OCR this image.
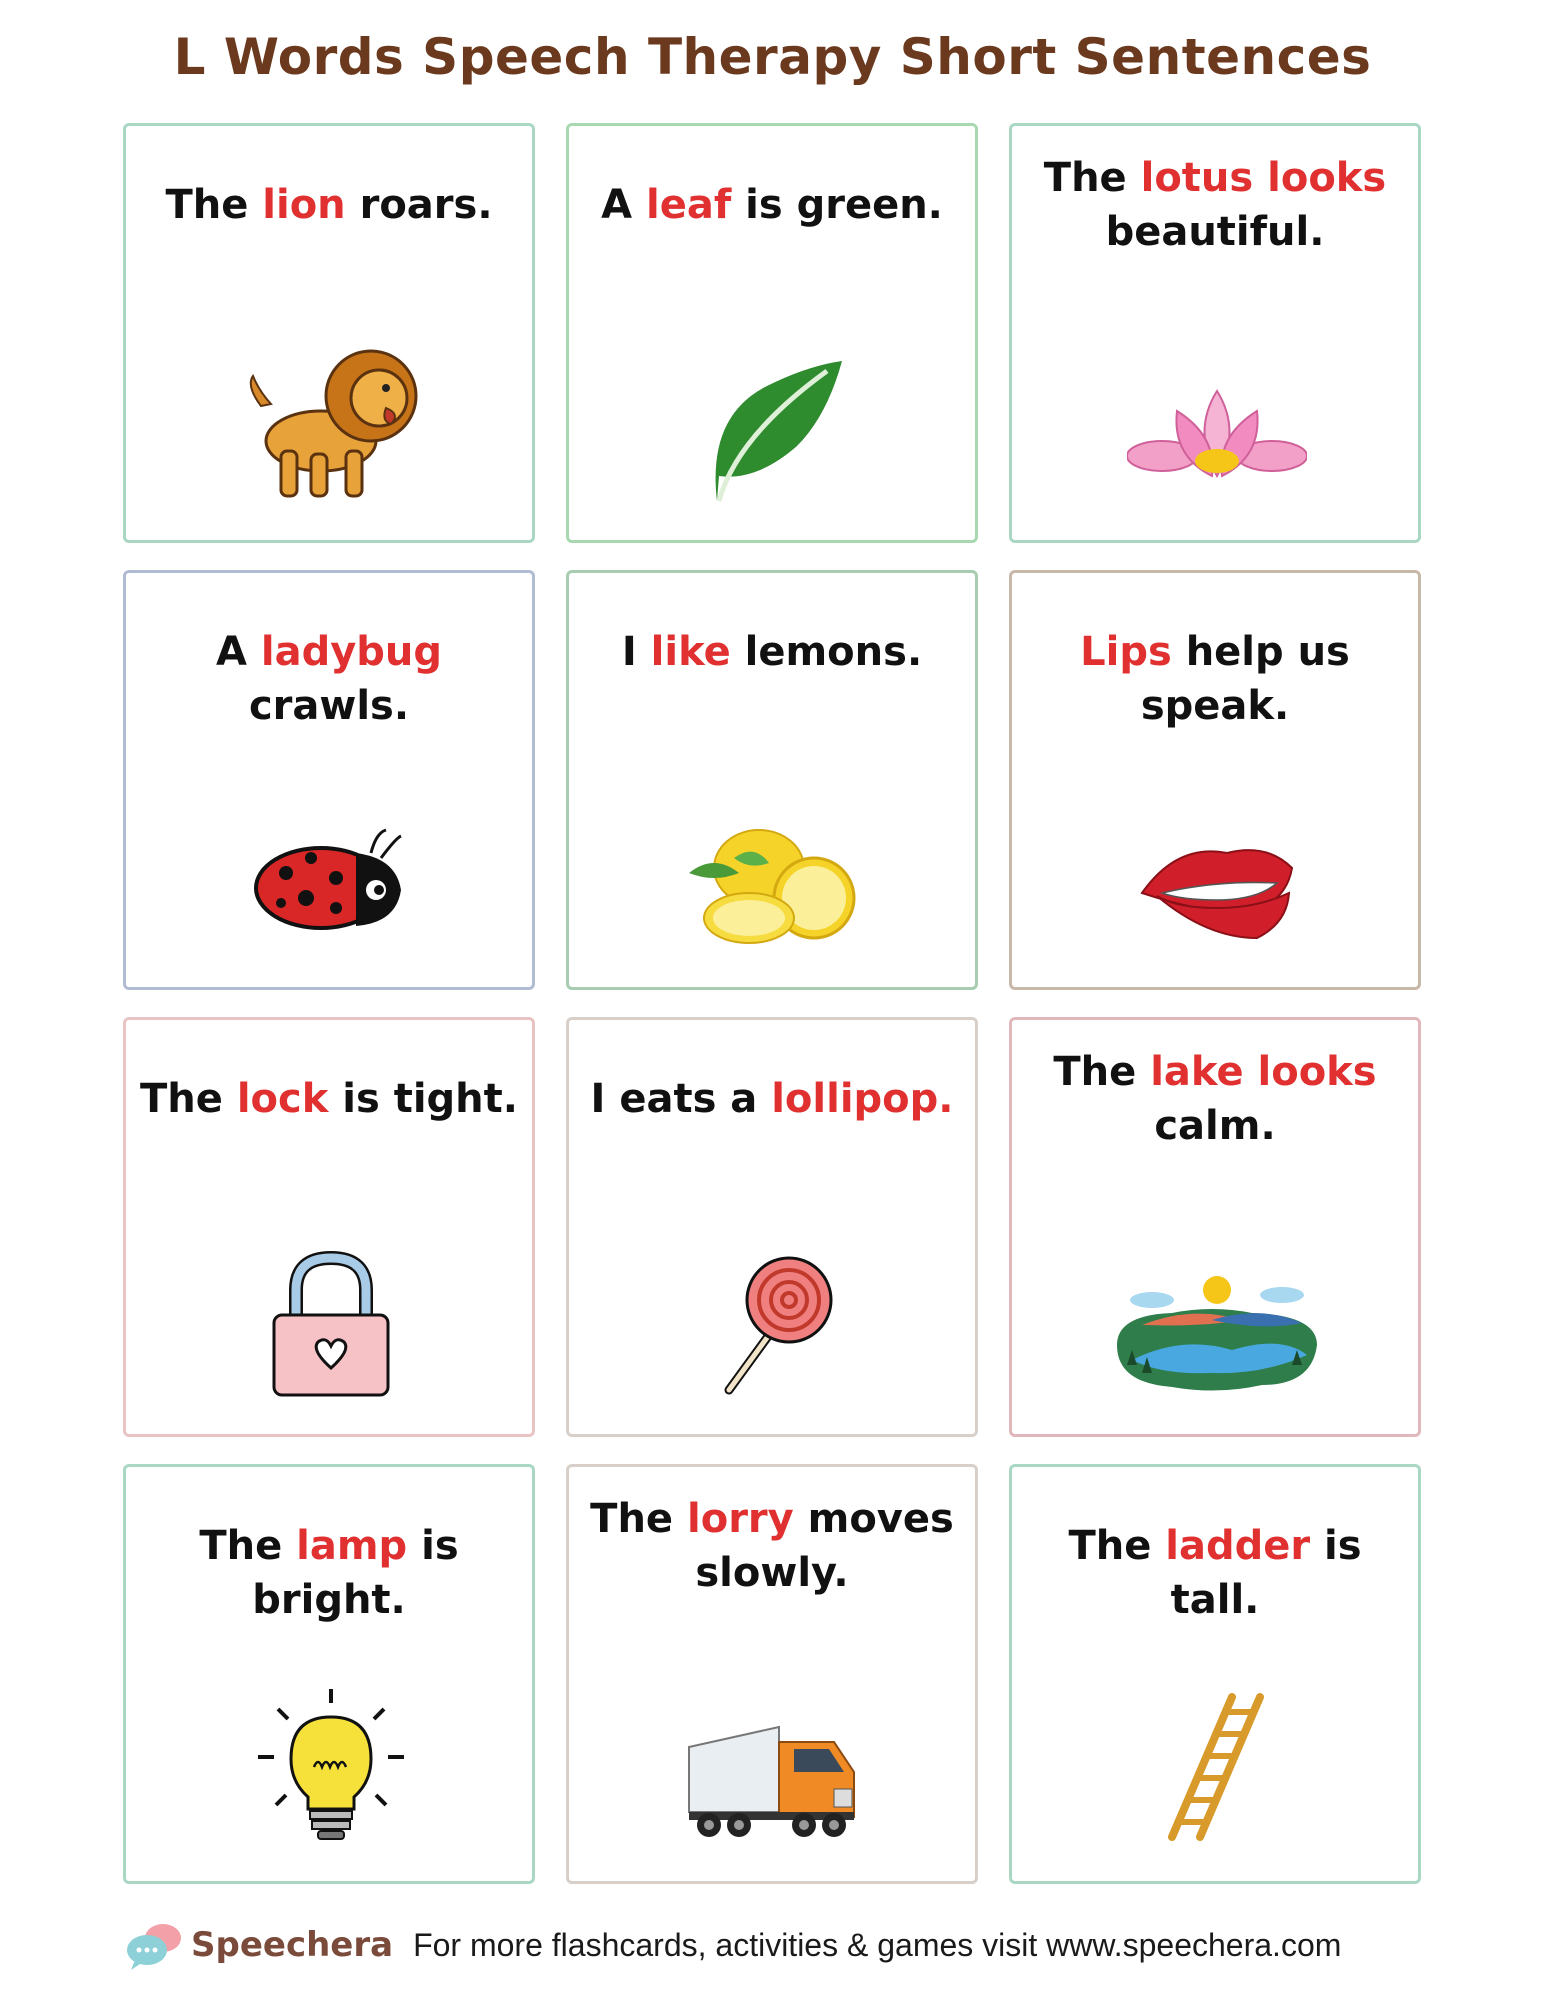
L Words Speech Therapy Short Sentences
The lion roars.	A leaf is green.
The lotus looks beautiful.
A ladybug crawls.
I like lemons.	Lips help us speak.
The lock is tight. I eats a lollipop.
The lake looks calm.
The lamp is bright.
The lorry moves slowly.
The ladder is tall.
Speechera For more flashcards, activities & games visit www.speechera.com
